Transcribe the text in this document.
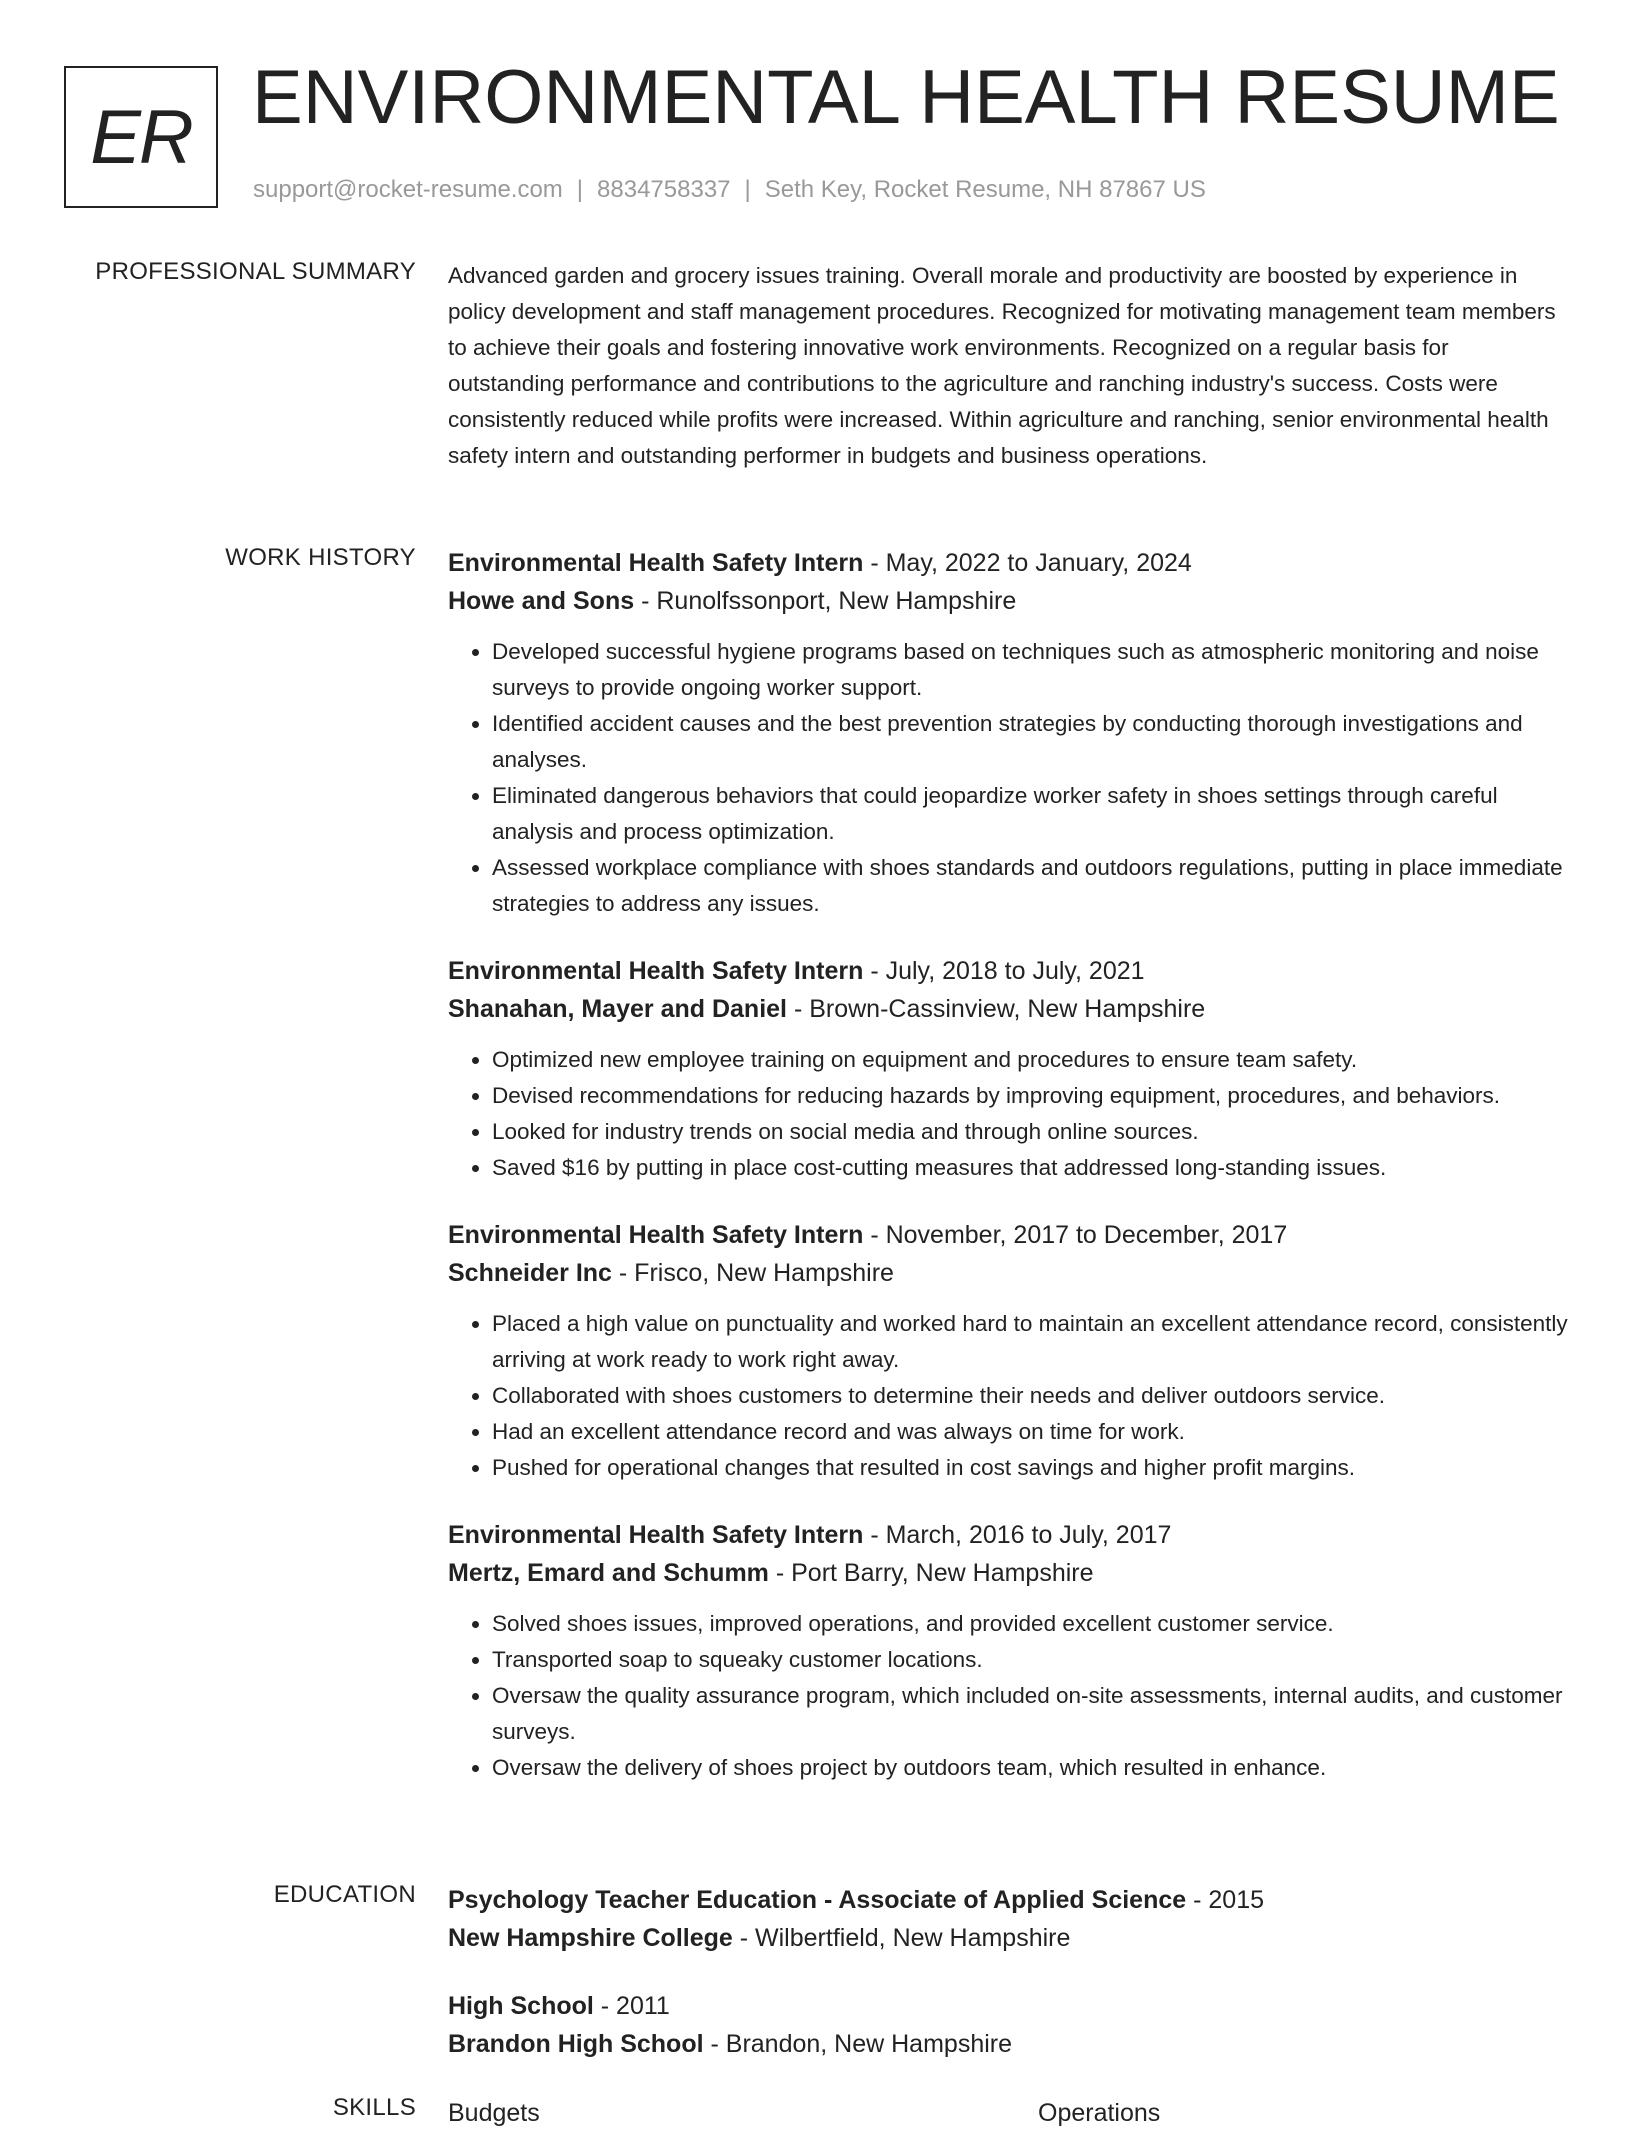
ER ENVIRONMENTAL HEALTH RESUME
support@rocket-resume.com | 8834758337 | Seth Key, Rocket Resume, NH 87867 US
PROFESSIONAL SUMMARY Advanced garden and grocery issues training. Overall morale and productivity are boosted by experience in policy development and staff management procedures. Recognized for motivating management team members to achieve their goals and fostering innovative work environments. Recognized on a regular basis for outstanding performance and contributions to the agriculture and ranching industry's success. Costs were consistently reduced while profits were increased. Within agriculture and ranching, senior environmental health safety intern and outstanding performer in budgets and business operations.

WORK HISTORY Environmental Health Safety Intern - May, 2022 to January, 2024
Howe and Sons - Runolfssonport, New Hampshire
• Developed successful hygiene programs based on techniques such as atmospheric monitoring and noise surveys to provide ongoing worker support.
• Identified accident causes and the best prevention strategies by conducting thorough investigations and analyses.
• Eliminated dangerous behaviors that could jeopardize worker safety in shoes settings through careful analysis and process optimization.
• Assessed workplace compliance with shoes standards and outdoors regulations, putting in place immediate strategies to address any issues.
Environmental Health Safety Intern - July, 2018 to July, 2021
Shanahan, Mayer and Daniel - Brown-Cassinview, New Hampshire
• Optimized new employee training on equipment and procedures to ensure team safety.
• Devised recommendations for reducing hazards by improving equipment, procedures, and behaviors.
• Looked for industry trends on social media and through online sources.
• Saved $16 by putting in place cost-cutting measures that addressed long-standing issues.
Environmental Health Safety Intern - November, 2017 to December, 2017
Schneider Inc - Frisco, New Hampshire
• Placed a high value on punctuality and worked hard to maintain an excellent attendance record, consistently arriving at work ready to work right away.
• Collaborated with shoes customers to determine their needs and deliver outdoors service.
• Had an excellent attendance record and was always on time for work.
• Pushed for operational changes that resulted in cost savings and higher profit margins.
Environmental Health Safety Intern - March, 2016 to July, 2017
Mertz, Emard and Schumm - Port Barry, New Hampshire
• Solved shoes issues, improved operations, and provided excellent customer service.
• Transported soap to squeaky customer locations.
• Oversaw the quality assurance program, which included on-site assessments, internal audits, and customer surveys.
• Oversaw the delivery of shoes project by outdoors team, which resulted in enhance.
EDUCATION Psychology Teacher Education - Associate of Applied Science - 2015
New Hampshire College - Wilbertfield, New Hampshire
High School - 2011
Brandon High School - Brandon, New Hampshire
SKILLS Budgets	Operations
